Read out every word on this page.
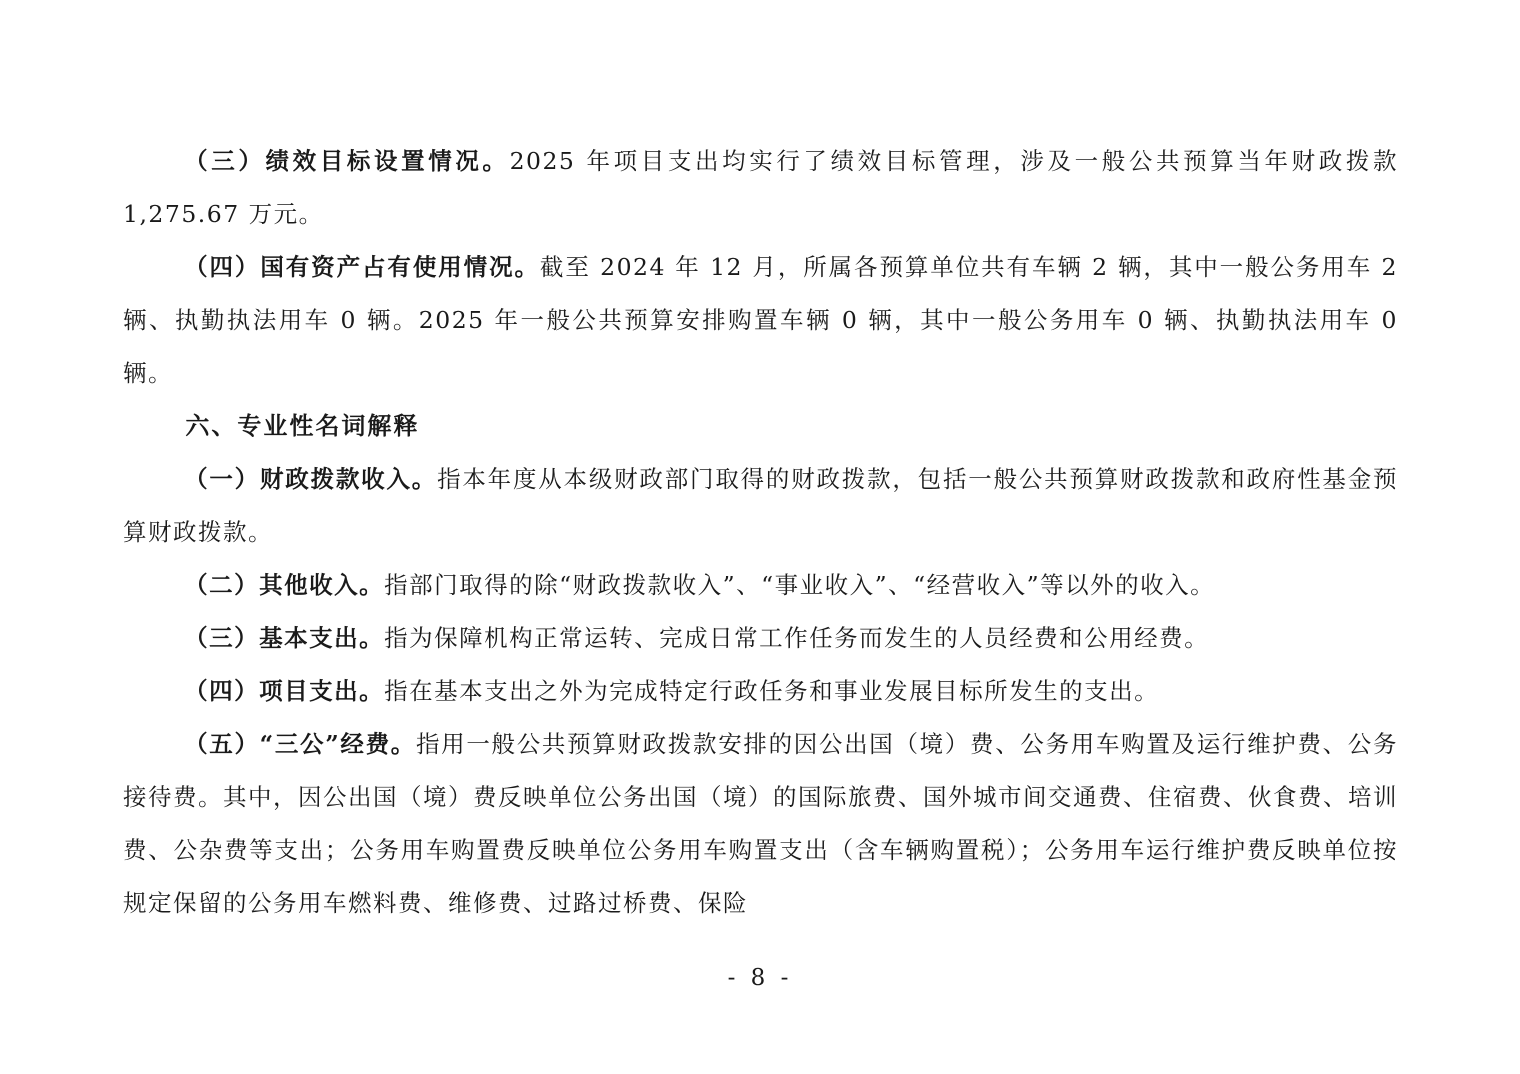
（三）绩效目标设置情况。2025 年项目支出均实行了绩效目标管理，涉及一般公共预算当年财政拨款 1,275.67 万元。

（四）国有资产占有使用情况。截至 2024 年 12 月，所属各预算单位共有车辆 2 辆，其中一般公务用车 2 辆、执勤执法用车 0 辆。2025 年一般公共预算安排购置车辆 0 辆，其中一般公务用车 0 辆、执勤执法用车 0 辆。

六、专业性名词解释

（一）财政拨款收入。指本年度从本级财政部门取得的财政拨款，包括一般公共预算财政拨款和政府性基金预算财政拨款。

（二）其他收入。指部门取得的除“财政拨款收入”、“事业收入”、“经营收入”等以外的收入。

（三）基本支出。指为保障机构正常运转、完成日常工作任务而发生的人员经费和公用经费。

（四）项目支出。指在基本支出之外为完成特定行政任务和事业发展目标所发生的支出。

（五）“三公”经费。指用一般公共预算财政拨款安排的因公出国（境）费、公务用车购置及运行维护费、公务接待费。其中，因公出国（境）费反映单位公务出国（境）的国际旅费、国外城市间交通费、住宿费、伙食费、培训费、公杂费等支出；公务用车购置费反映单位公务用车购置支出（含车辆购置税）；公务用车运行维护费反映单位按规定保留的公务用车燃料费、维修费、过路过桥费、保险

- 8 -
